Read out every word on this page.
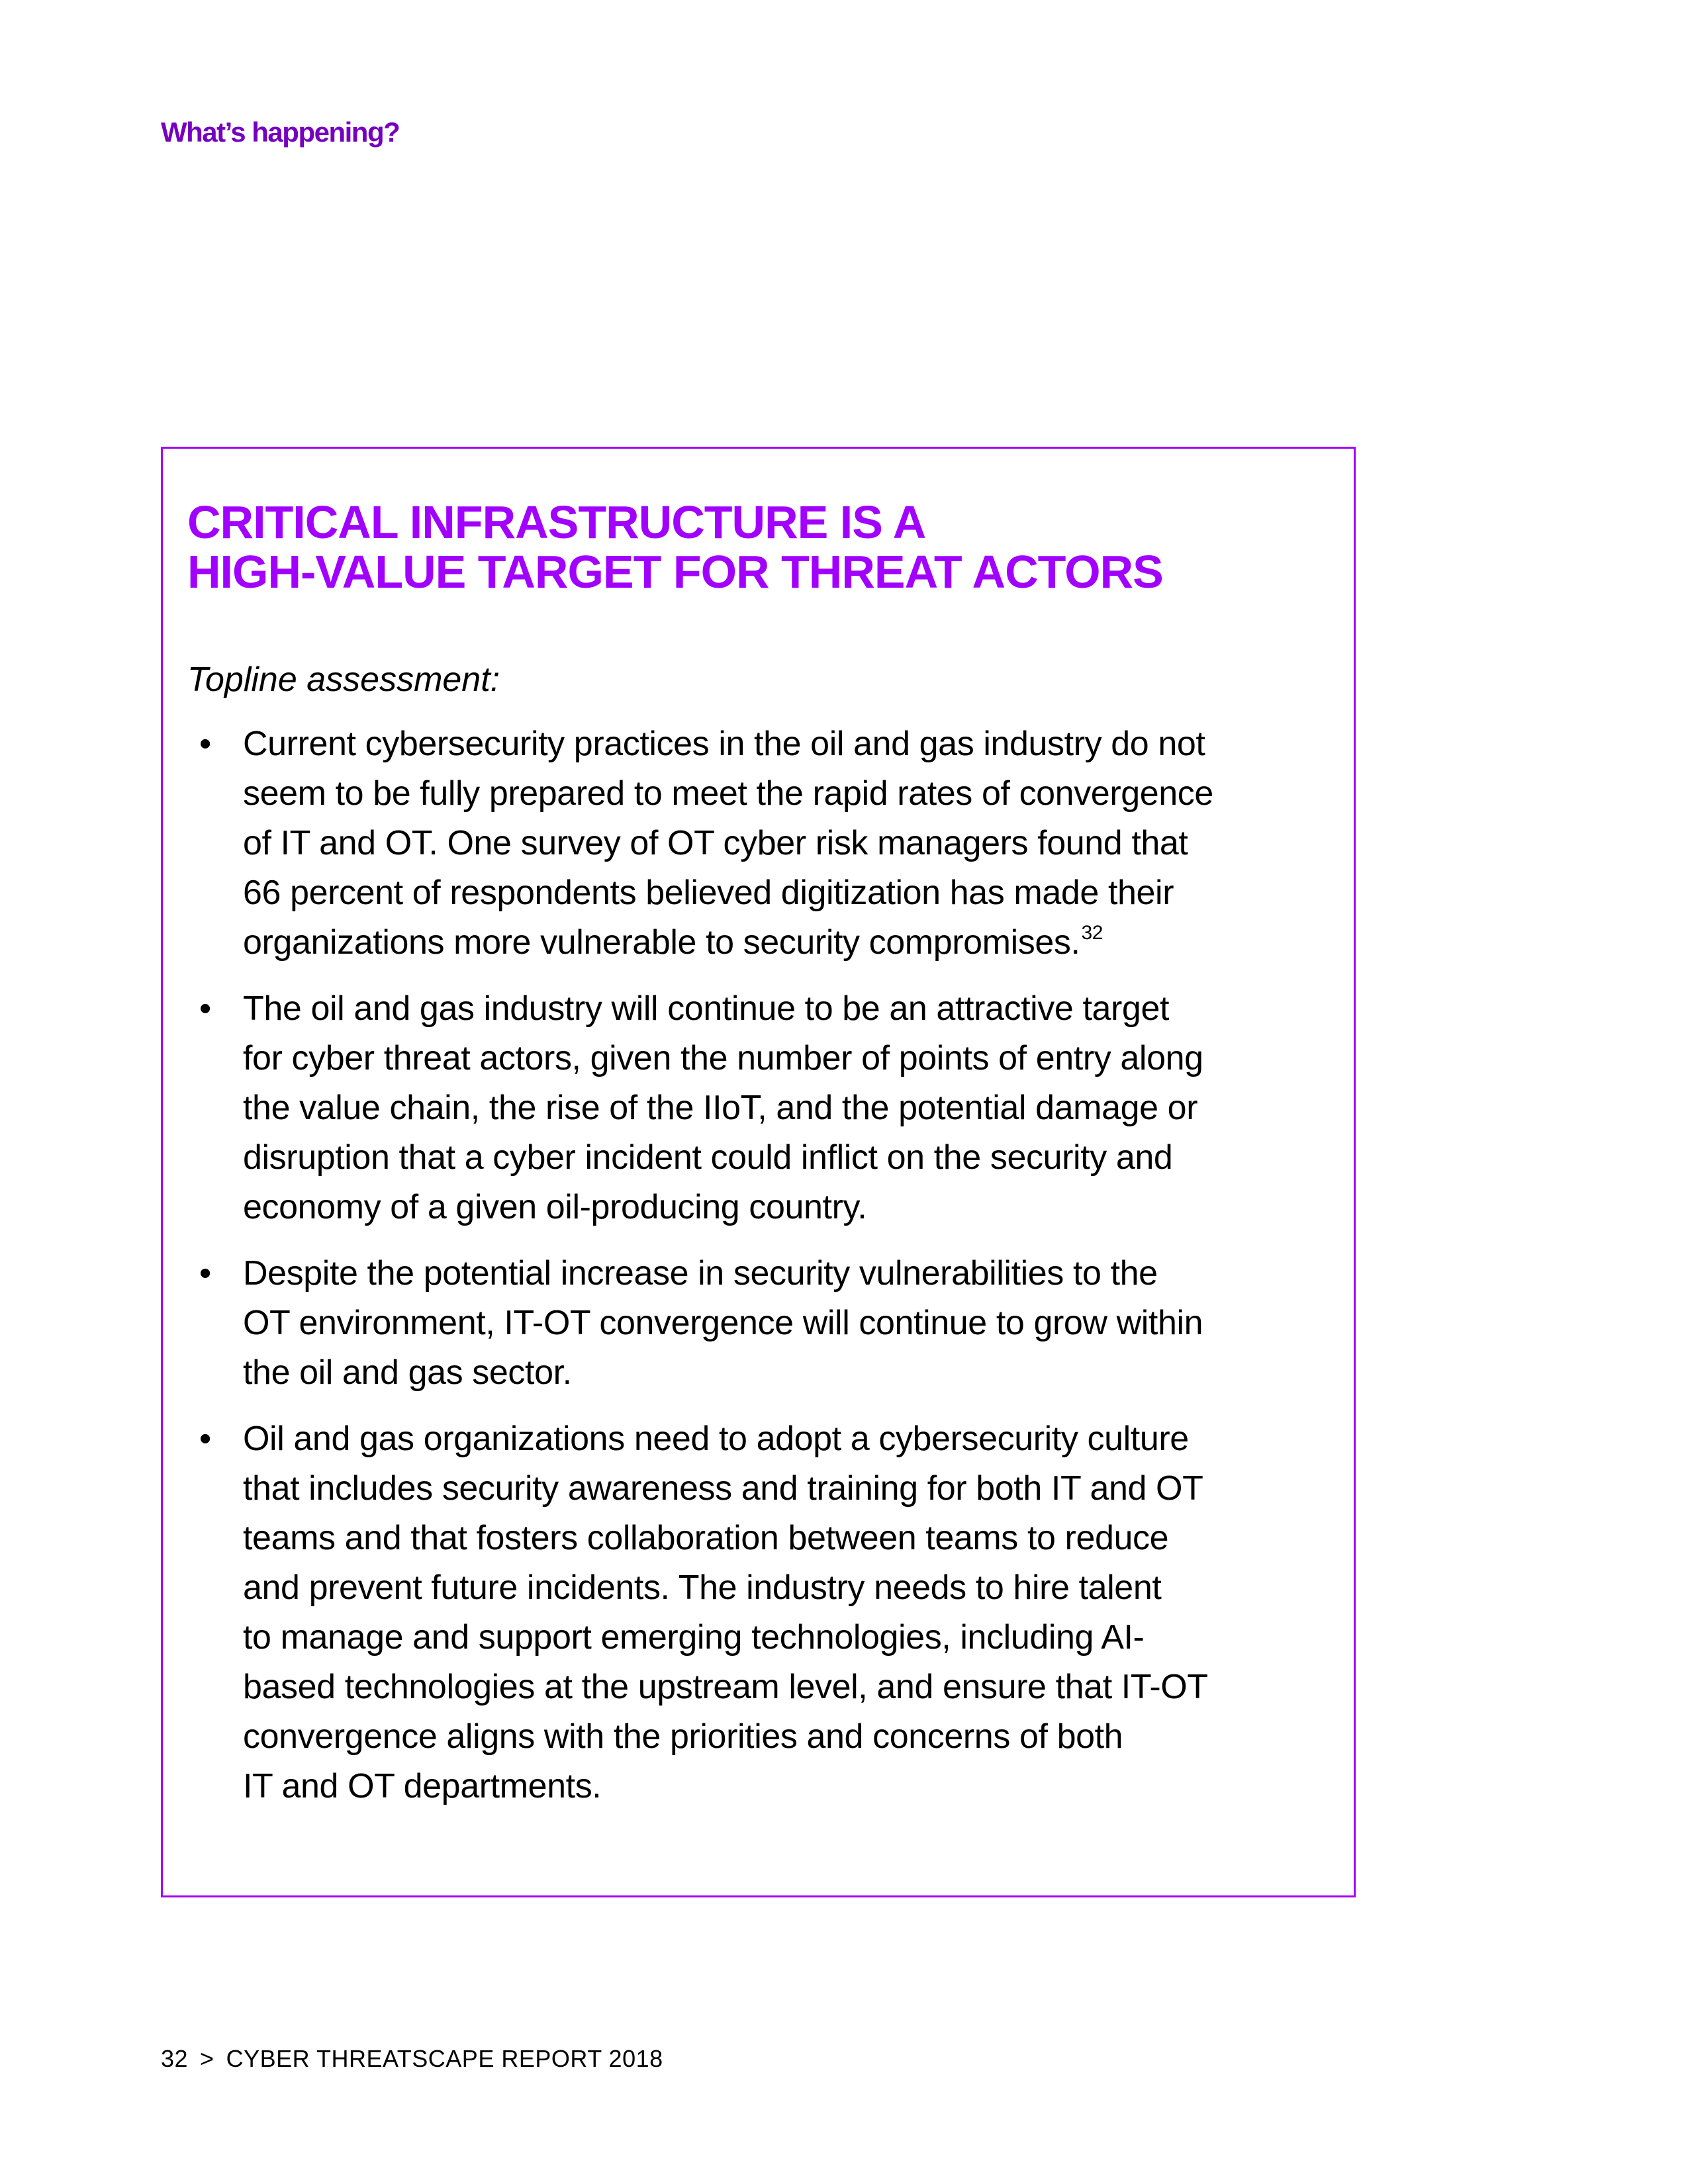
What’s happening?
CRITICAL INFRASTRUCTURE IS A
HIGH-VALUE TARGET FOR THREAT ACTORS
Topline assessment:
• Current cybersecurity practices in the oil and gas industry do not
seem to be fully prepared to meet the rapid rates of convergence
of IT and OT. One survey of OT cyber risk managers found that
66 percent of respondents believed digitization has made their
organizations more vulnerable to security compromises.$^{32}$
• The oil and gas industry will continue to be an attractive target
for cyber threat actors, given the number of points of entry along
the value chain, the rise of the IIoT, and the potential damage or
disruption that a cyber incident could inflict on the security and
economy of a given oil-producing country.
• Despite the potential increase in security vulnerabilities to the
OT environment, IT-OT convergence will continue to grow within
the oil and gas sector.
• Oil and gas organizations need to adopt a cybersecurity culture
that includes security awareness and training for both IT and OT
teams and that fosters collaboration between teams to reduce
and prevent future incidents. The industry needs to hire talent
to manage and support emerging technologies, including AI-
based technologies at the upstream level, and ensure that IT-OT
convergence aligns with the priorities and concerns of both
IT and OT departments.
32 > CYBER THREATSCAPE REPORT 2018
